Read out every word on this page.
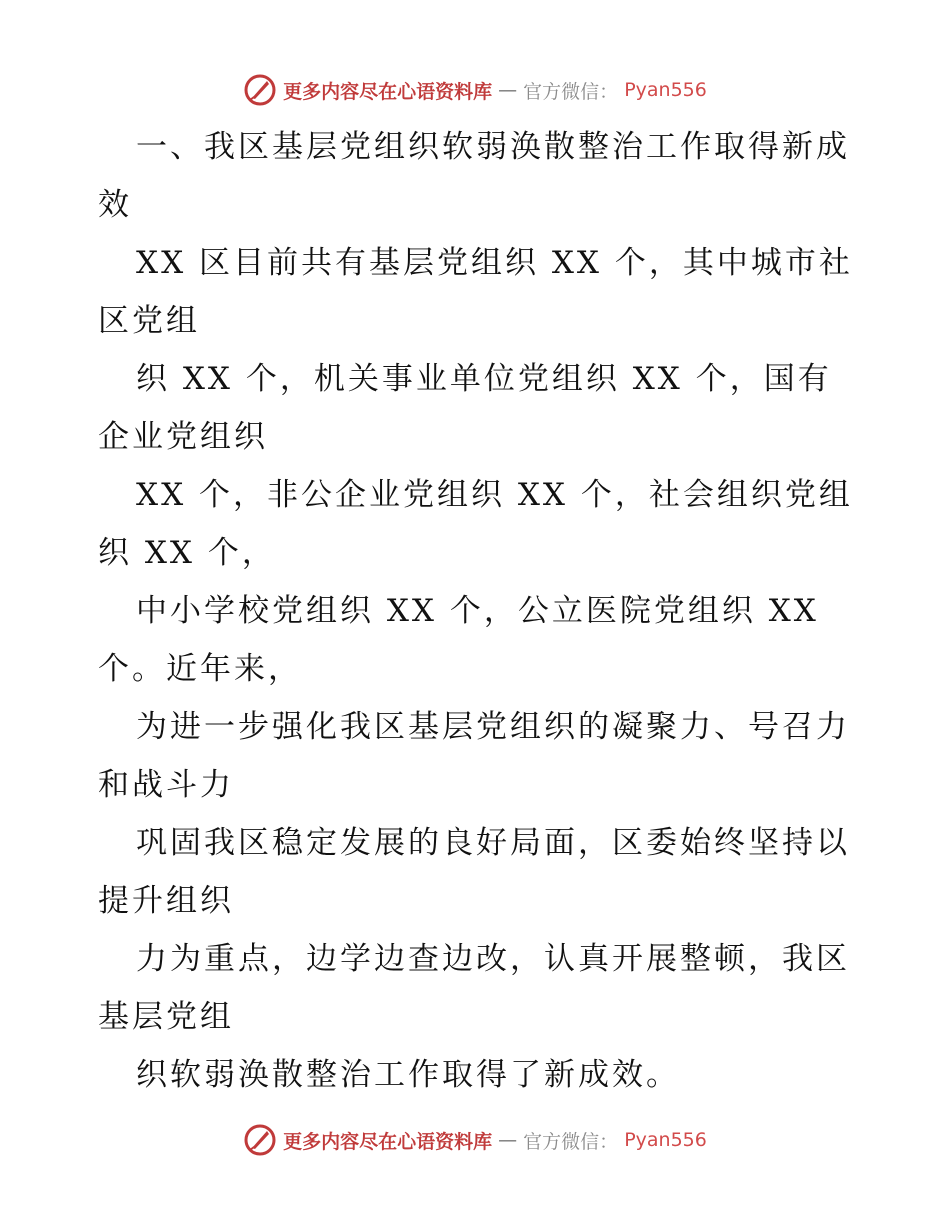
更多内容尽在心语资料库 — 官方微信： Pyan556

一、我区基层党组织软弱涣散整治工作取得新成效

XX 区目前共有基层党组织 XX 个，其中城市社区党组

织 XX 个，机关事业单位党组织 XX 个，国有企业党组织

XX 个，非公企业党组织 XX 个，社会组织党组织 XX 个，

中小学校党组织 XX 个，公立医院党组织 XX 个。近年来，

为进一步强化我区基层党组织的凝聚力、号召力和战斗力

巩固我区稳定发展的良好局面，区委始终坚持以提升组织

力为重点，边学边查边改，认真开展整顿，我区基层党组

织软弱涣散整治工作取得了新成效。

更多内容尽在心语资料库 — 官方微信： Pyan556
